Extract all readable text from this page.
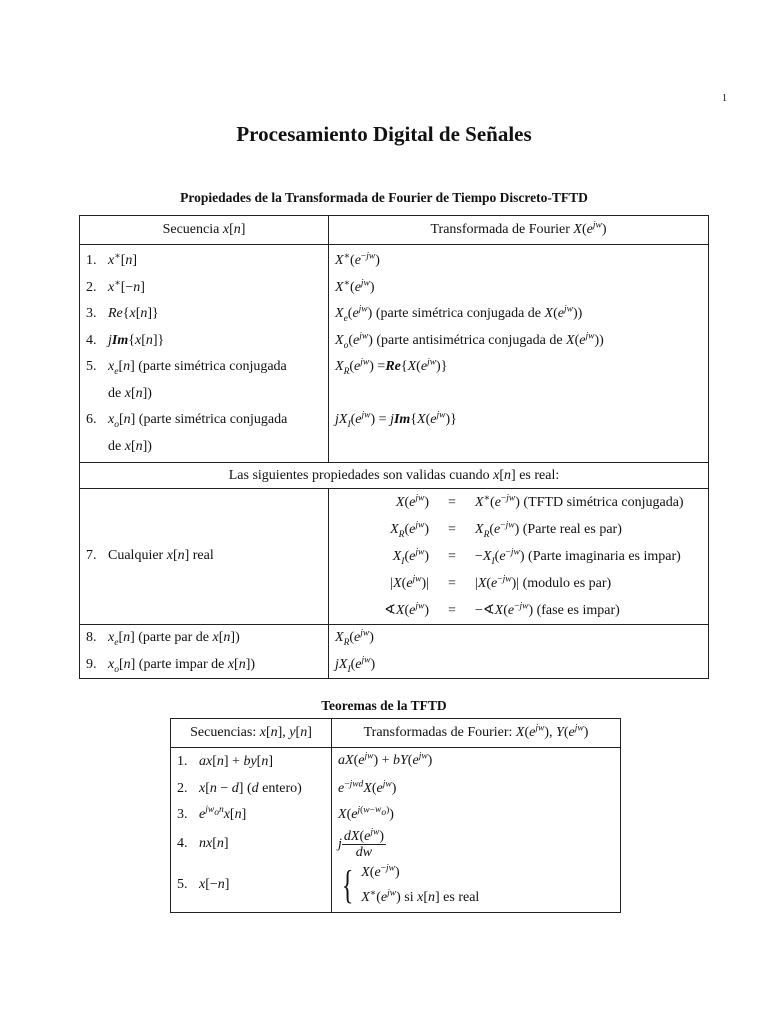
1
Procesamiento Digital de Señales
Propiedades de la Transformada de Fourier de Tiempo Discreto-TFTD
Secuencia x[n]	Transformada de Fourier $X(e^{jw})$
1. x∗[n]	$X^∗(e^{-jw})$
2. x∗[−n]	$X^∗(e^{jw})$
3. Re{x[n]}	$X_e(e^{jw})$ (parte simétrica conjugada de $X(e^{jw})$)
4. jIm{x[n]}	$X_o(e^{jw})$ (parte antisimétrica conjugada de $X(e^{jw})$)
5. $x_e[n]$ (parte simétrica conjugada
de x[n])	$X_R(e^{jw}) =Re\{X(e^{jw})\}$
6. $x_o[n]$ (parte simétrica conjugada
de x[n])	$jX_I(e^{jw}) = jIm\{X(e^{jw})\}$
Las siguientes propiedades son validas cuando x[n] es real:
7. Cualquier x[n] real	
$X(e^{jw})$	=	$X^∗(e^{-jw})$ (TFTD simétrica conjugada)
$X_R(e^{jw})$	=	$X_R(e^{-jw})$ (Parte real es par)
$X_I(e^{jw})$	=	$-X_I(e^{-jw})$ (Parte imaginaria es impar)
$|X(e^{jw})|$	=	$|X(e^{-jw})|$ (modulo es par)
$∢X(e^{jw})$	=	$-∢X(e^{-jw})$ (fase es impar)

8. $x_e[n]$ (parte par de x[n])	$X_R(e^{jw})$
9. $x_o[n]$ (parte impar de x[n])	$jX_I(e^{jw})$
Teoremas de la TFTD
Secuencias: x[n], y[n]	Transformadas de Fourier: $X(e^{jw})$, $Y(e^{jw})$
1. ax[n] + by[n]	$aX(e^{jw}) + bY(e^{jw})$
2. x[n − d] (d entero)	$e^{-jwd}X(e^{jw})$
3. $e^{jw_on}x[n]$	$X(e^{j(w-w_o)})$
4. nx[n]	j $\frac{dX(e^{jw})}{dw}$

5. x[−n]	{ $X(e^{-jw})$
$X^∗(e^{jw})$ si x[n] es real
